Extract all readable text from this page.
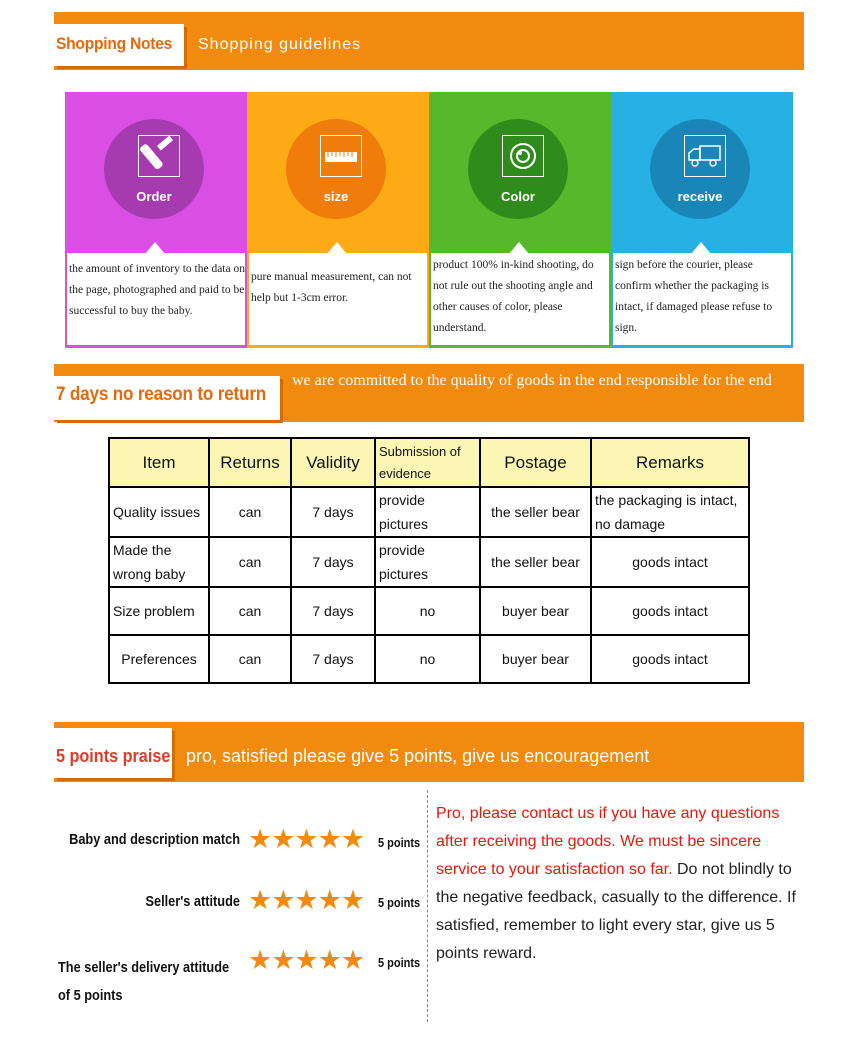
Shopping Notes Shopping guidelines
Order
the amount of inventory to the data on the page, photographed and paid to be successful to buy the baby.
size
pure manual measurement, can not help but 1-3cm error.
Color
product 100% in-kind shooting, do not rule out the shooting angle and other causes of color, please understand.
receive
sign before the courier, please confirm whether the packaging is intact, if damaged please refuse to sign.
7 days no reason to return
we are committed to the quality of goods in the end responsible for the end
Item	Returns	Validity	Submission of evidence	Postage	Remarks
Quality issues	can	7 days	provide pictures	the seller bear	the packaging is intact, no damage
Made the wrong baby	can	7 days	provide pictures	the seller bear	goods intact
Size problem	can	7 days	no	buyer bear	goods intact
Preferences	can	7 days	no	buyer bear	goods intact
5 points praise pro, satisfied please give 5 points, give us encouragement
Baby and description match ★★★★★ 5 points
Seller's attitude ★★★★★ 5 points
The seller's delivery attitude of 5 points
★★★★★ 5 points
Pro, please contact us if you have any questions after receiving the goods. We must be sincere service to your satisfaction so far. Do not blindly to the negative feedback, casually to the difference. If satisfied, remember to light every star, give us 5 points reward.
